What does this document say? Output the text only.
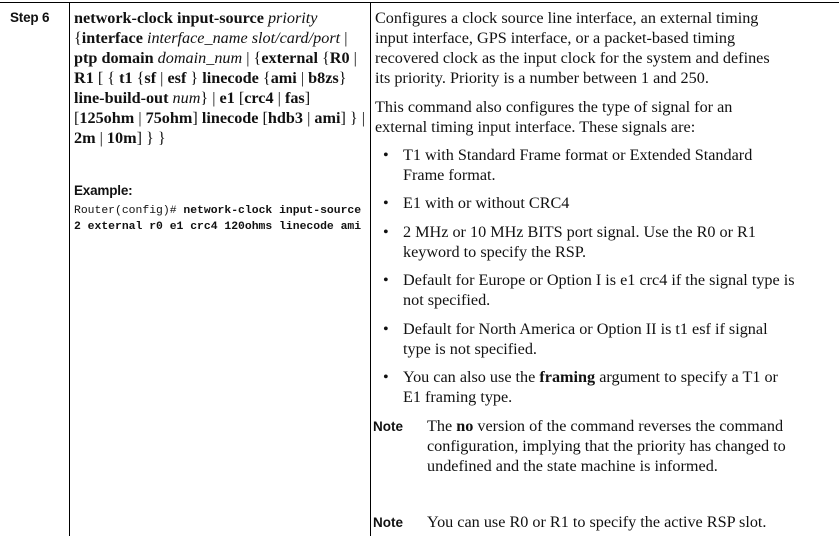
Step 6 network-clock input-source priority {interface interface_name slot/card/port | ptp domain domain_num | {external {R0 | R1 [ { t1 {sf | esf } linecode {ami | b8zs} line-build-out num} | e1 [crc4 | fas] [125ohm | 75ohm] linecode [hdb3 | ami] } | 2m | 10m] } }
Example:
Router(config)# network-clock input-source 2 external r0 e1 crc4 120ohms linecode ami
Configures a clock source line interface, an external timing input interface, GPS interface, or a packet-based timing recovered clock as the input clock for the system and defines its priority. Priority is a number between 1 and 250.
This command also configures the type of signal for an external timing input interface. These signals are:
• T1 with Standard Frame format or Extended Standard Frame format.
• E1 with or without CRC4
• 2 MHz or 10 MHz BITS port signal. Use the R0 or R1 keyword to specify the RSP.
• Default for Europe or Option I is e1 crc4 if the signal type is not specified.
• Default for North America or Option II is t1 esf if signal type is not specified.
• You can also use the framing argument to specify a T1 or E1 framing type.
Note The no version of the command reverses the command configuration, implying that the priority has changed to undefined and the state machine is informed.
Note You can use R0 or R1 to specify the active RSP slot.
